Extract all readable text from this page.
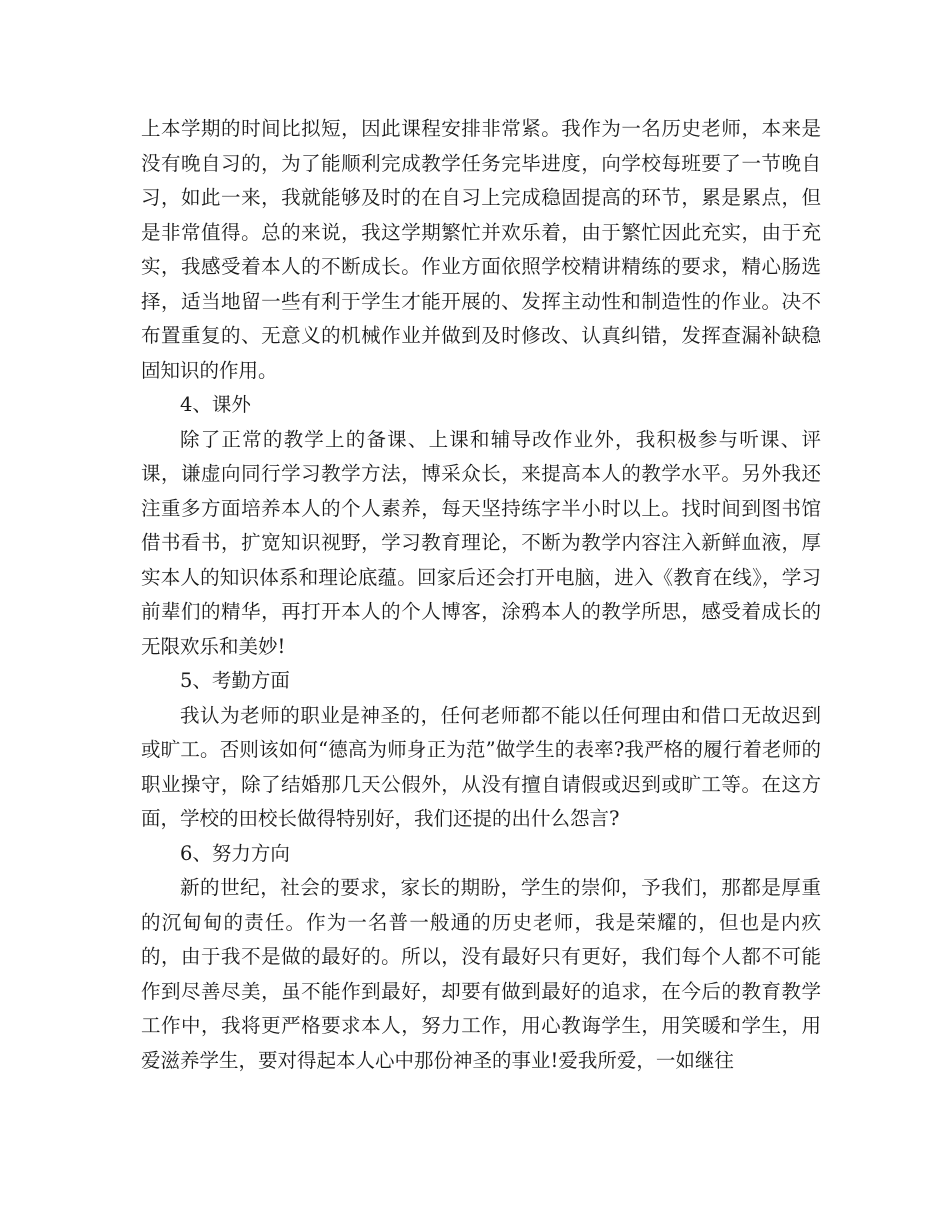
上本学期的时间比拟短，因此课程安排非常紧。我作为一名历史老师，本来是没有晚自习的，为了能顺利完成教学任务完毕进度，向学校每班要了一节晚自习，如此一来，我就能够及时的在自习上完成稳固提高的环节，累是累点，但是非常值得。总的来说，我这学期繁忙并欢乐着，由于繁忙因此充实，由于充实，我感受着本人的不断成长。作业方面依照学校精讲精练的要求，精心肠选择，适当地留一些有利于学生才能开展的、发挥主动性和制造性的作业。决不布置重复的、无意义的机械作业并做到及时修改、认真纠错，发挥查漏补缺稳固知识的作用。

4、课外

除了正常的教学上的备课、上课和辅导改作业外，我积极参与听课、评课，谦虚向同行学习教学方法，博采众长，来提高本人的教学水平。另外我还注重多方面培养本人的个人素养，每天坚持练字半小时以上。找时间到图书馆借书看书，扩宽知识视野，学习教育理论，不断为教学内容注入新鲜血液，厚实本人的知识体系和理论底蕴。回家后还会打开电脑，进入《教育在线》，学习前辈们的精华，再打开本人的个人博客，涂鸦本人的教学所思，感受着成长的无限欢乐和美妙!

5、考勤方面

我认为老师的职业是神圣的，任何老师都不能以任何理由和借口无故迟到或旷工。否则该如何“德高为师身正为范”做学生的表率?我严格的履行着老师的职业操守，除了结婚那几天公假外，从没有擅自请假或迟到或旷工等。在这方面，学校的田校长做得特别好，我们还提的出什么怨言?

6、努力方向

新的世纪，社会的要求，家长的期盼，学生的崇仰，予我们，那都是厚重的沉甸甸的责任。作为一名普一般通的历史老师，我是荣耀的，但也是内疚的，由于我不是做的最好的。所以，没有最好只有更好，我们每个人都不可能作到尽善尽美，虽不能作到最好，却要有做到最好的追求，在今后的教育教学工作中，我将更严格要求本人，努力工作，用心教诲学生，用笑暖和学生，用爱滋养学生，要对得起本人心中那份神圣的事业!爱我所爱，一如继往
